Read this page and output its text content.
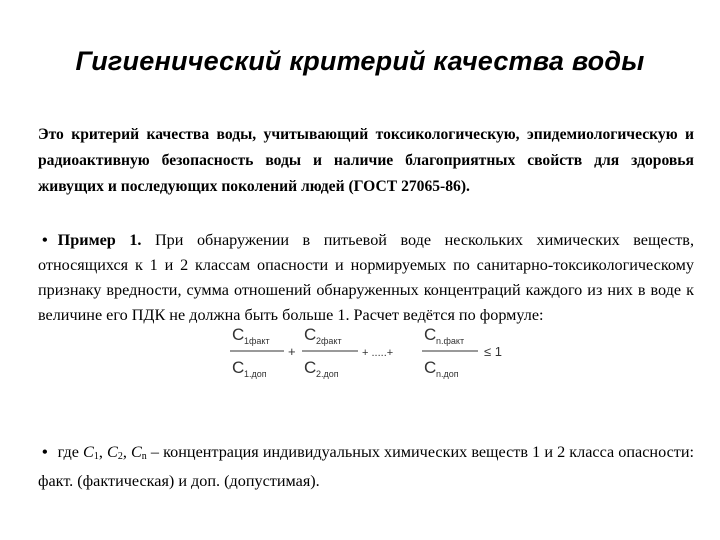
Гигиенический критерий качества воды
Это критерий качества воды, учитывающий токсикологическую, эпидемиологическую и радиоактивную безопасность воды и наличие благоприятных свойств для здоровья живущих и последующих поколений людей (ГОСТ 27065-86).
• Пример 1. При обнаружении в питьевой воде нескольких химических веществ, относящихся к 1 и 2 классам опасности и нормируемых по санитарно-токсикологическому признаку вредности, сумма отношений обнаруженных концентраций каждого из них в воде к величине его ПДК не должна быть больше 1. Расчет ведётся по формуле:
C 1факт
C 1.доп
+
C 2факт
C 2.доп
+ .....+
C n.факт
C n.доп
≤ 1
• где $C_1$, $C_2$, $C_n$ – концентрация индивидуальных химических веществ 1 и 2 класса опасности: факт. (фактическая) и доп. (допустимая).
